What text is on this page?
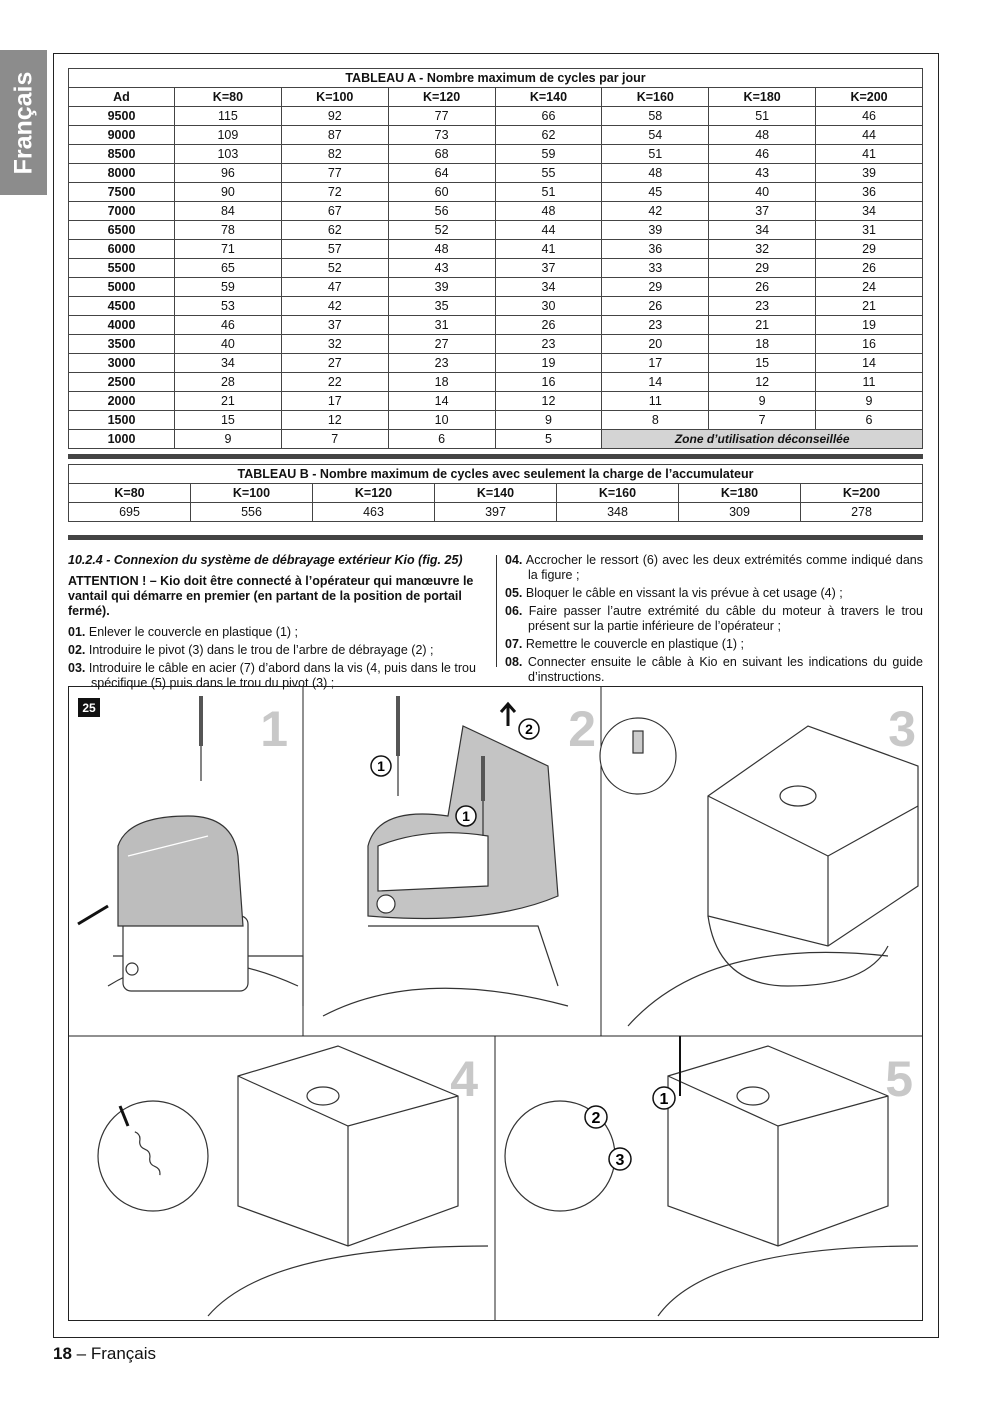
Français	TABLEAU A - Nombre maximum de cycles par jour							
Ad	K=80	K=100	K=120	K=140	K=160	K=180	K=200
9500	115	92	77	66	58	51	46
9000	109	87	73	62	54	48	44
8500	103	82	68	59	51	46	41
8000	96	77	64	55	48	43	39
7500	90	72	60	51	45	40	36
7000	84	67	56	48	42	37	34
6500	78	62	52	44	39	34	31
6000	71	57	48	41	36	32	29
5500	65	52	43	37	33	29	26
5000	59	47	39	34	29	26	24
4500	53	42	35	30	26	23	21
4000	46	37	31	26	23	21	19
3500	40	32	27	23	20	18	16
3000	34	27	23	19	17	15	14
2500	28	22	18	16	14	12	11
2000	21	17	14	12	11	9	9
1500	15	12	10	9	8	7	6
1000	9	7	6	5	Zone d’utilisation déconseillée		
TABLEAU B - Nombre maximum de cycles avec seulement la charge de l’accumulateur						
K=80	K=100	K=120	K=140	K=160	K=180	K=200
695	556	463	397	348	309	278

10.2.4 - Connexion du système de débrayage extérieur Kio (fig. 25)

ATTENTION ! – Kio doit être connecté à l’opérateur qui manœuvre le vantail qui démarre en premier (en partant de la position de portail fermé).

01. Enlever le couvercle en plastique (1) ;

02. Introduire le pivot (3) dans le trou de l’arbre de débrayage (2) ;

03. Introduire le câble en acier (7) d’abord dans la vis (4, puis dans le trou spécifique (5) puis dans le trou du pivot (3) ;

04. Accrocher le ressort (6) avec les deux extrémités comme indiqué dans la figure ;

05. Bloquer le câble en vissant la vis prévue à cet usage (4) ;

06. Faire passer l’autre extrémité du câble du moteur à travers le trou présent sur la partie inférieure de l’opérateur ;

07. Remettre le couvercle en plastique (1) ;

08. Connecter ensuite le câble à Kio en suivant les indications du guide d’instructions.

25	1	2	3
4	5
1
2
1
1
2
3
18 – Français
